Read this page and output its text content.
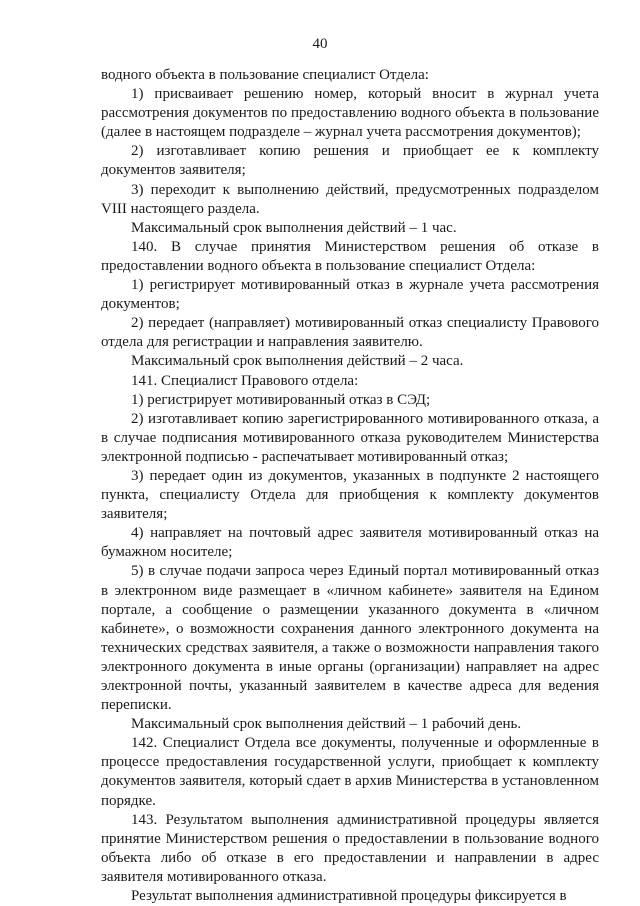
40

водного объекта в пользование специалист Отдела:

1) присваивает решению номер, который вносит в журнал учета рассмотрения документов по предоставлению водного объекта в пользование (далее в настоящем подразделе – журнал учета рассмотрения документов);

2) изготавливает копию решения и приобщает ее к комплекту документов заявителя;

3) переходит к выполнению действий, предусмотренных подразделом VIII настоящего раздела.

Максимальный срок выполнения действий – 1 час.

140. В случае принятия Министерством решения об отказе в предоставлении водного объекта в пользование специалист Отдела:

1) регистрирует мотивированный отказ в журнале учета рассмотрения документов;

2) передает (направляет) мотивированный отказ специалисту Правового отдела для регистрации и направления заявителю.

Максимальный срок выполнения действий – 2 часа.

141. Специалист Правового отдела:

1) регистрирует мотивированный отказ в СЭД;

2) изготавливает копию зарегистрированного мотивированного отказа, а в случае подписания мотивированного отказа руководителем Министерства электронной подписью - распечатывает мотивированный отказ;

3) передает один из документов, указанных в подпункте 2 настоящего пункта, специалисту Отдела для приобщения к комплекту документов заявителя;

4) направляет на почтовый адрес заявителя мотивированный отказ на бумажном носителе;

5) в случае подачи запроса через Единый портал мотивированный отказ в электронном виде размещает в «личном кабинете» заявителя на Едином портале, а сообщение о размещении указанного документа в «личном кабинете», о возможности сохранения данного электронного документа на технических средствах заявителя, а также о возможности направления такого электронного документа в иные органы (организации) направляет на адрес электронной почты, указанный заявителем в качестве адреса для ведения переписки.

Максимальный срок выполнения действий – 1 рабочий день.

142. Специалист Отдела все документы, полученные и оформленные в процессе предоставления государственной услуги, приобщает к комплекту документов заявителя, который сдает в архив Министерства в установленном порядке.

143. Результатом выполнения административной процедуры является принятие Министерством решения о предоставлении в пользование водного объекта либо об отказе в его предоставлении и направлении в адрес заявителя мотивированного отказа.

Результат выполнения административной процедуры фиксируется в
